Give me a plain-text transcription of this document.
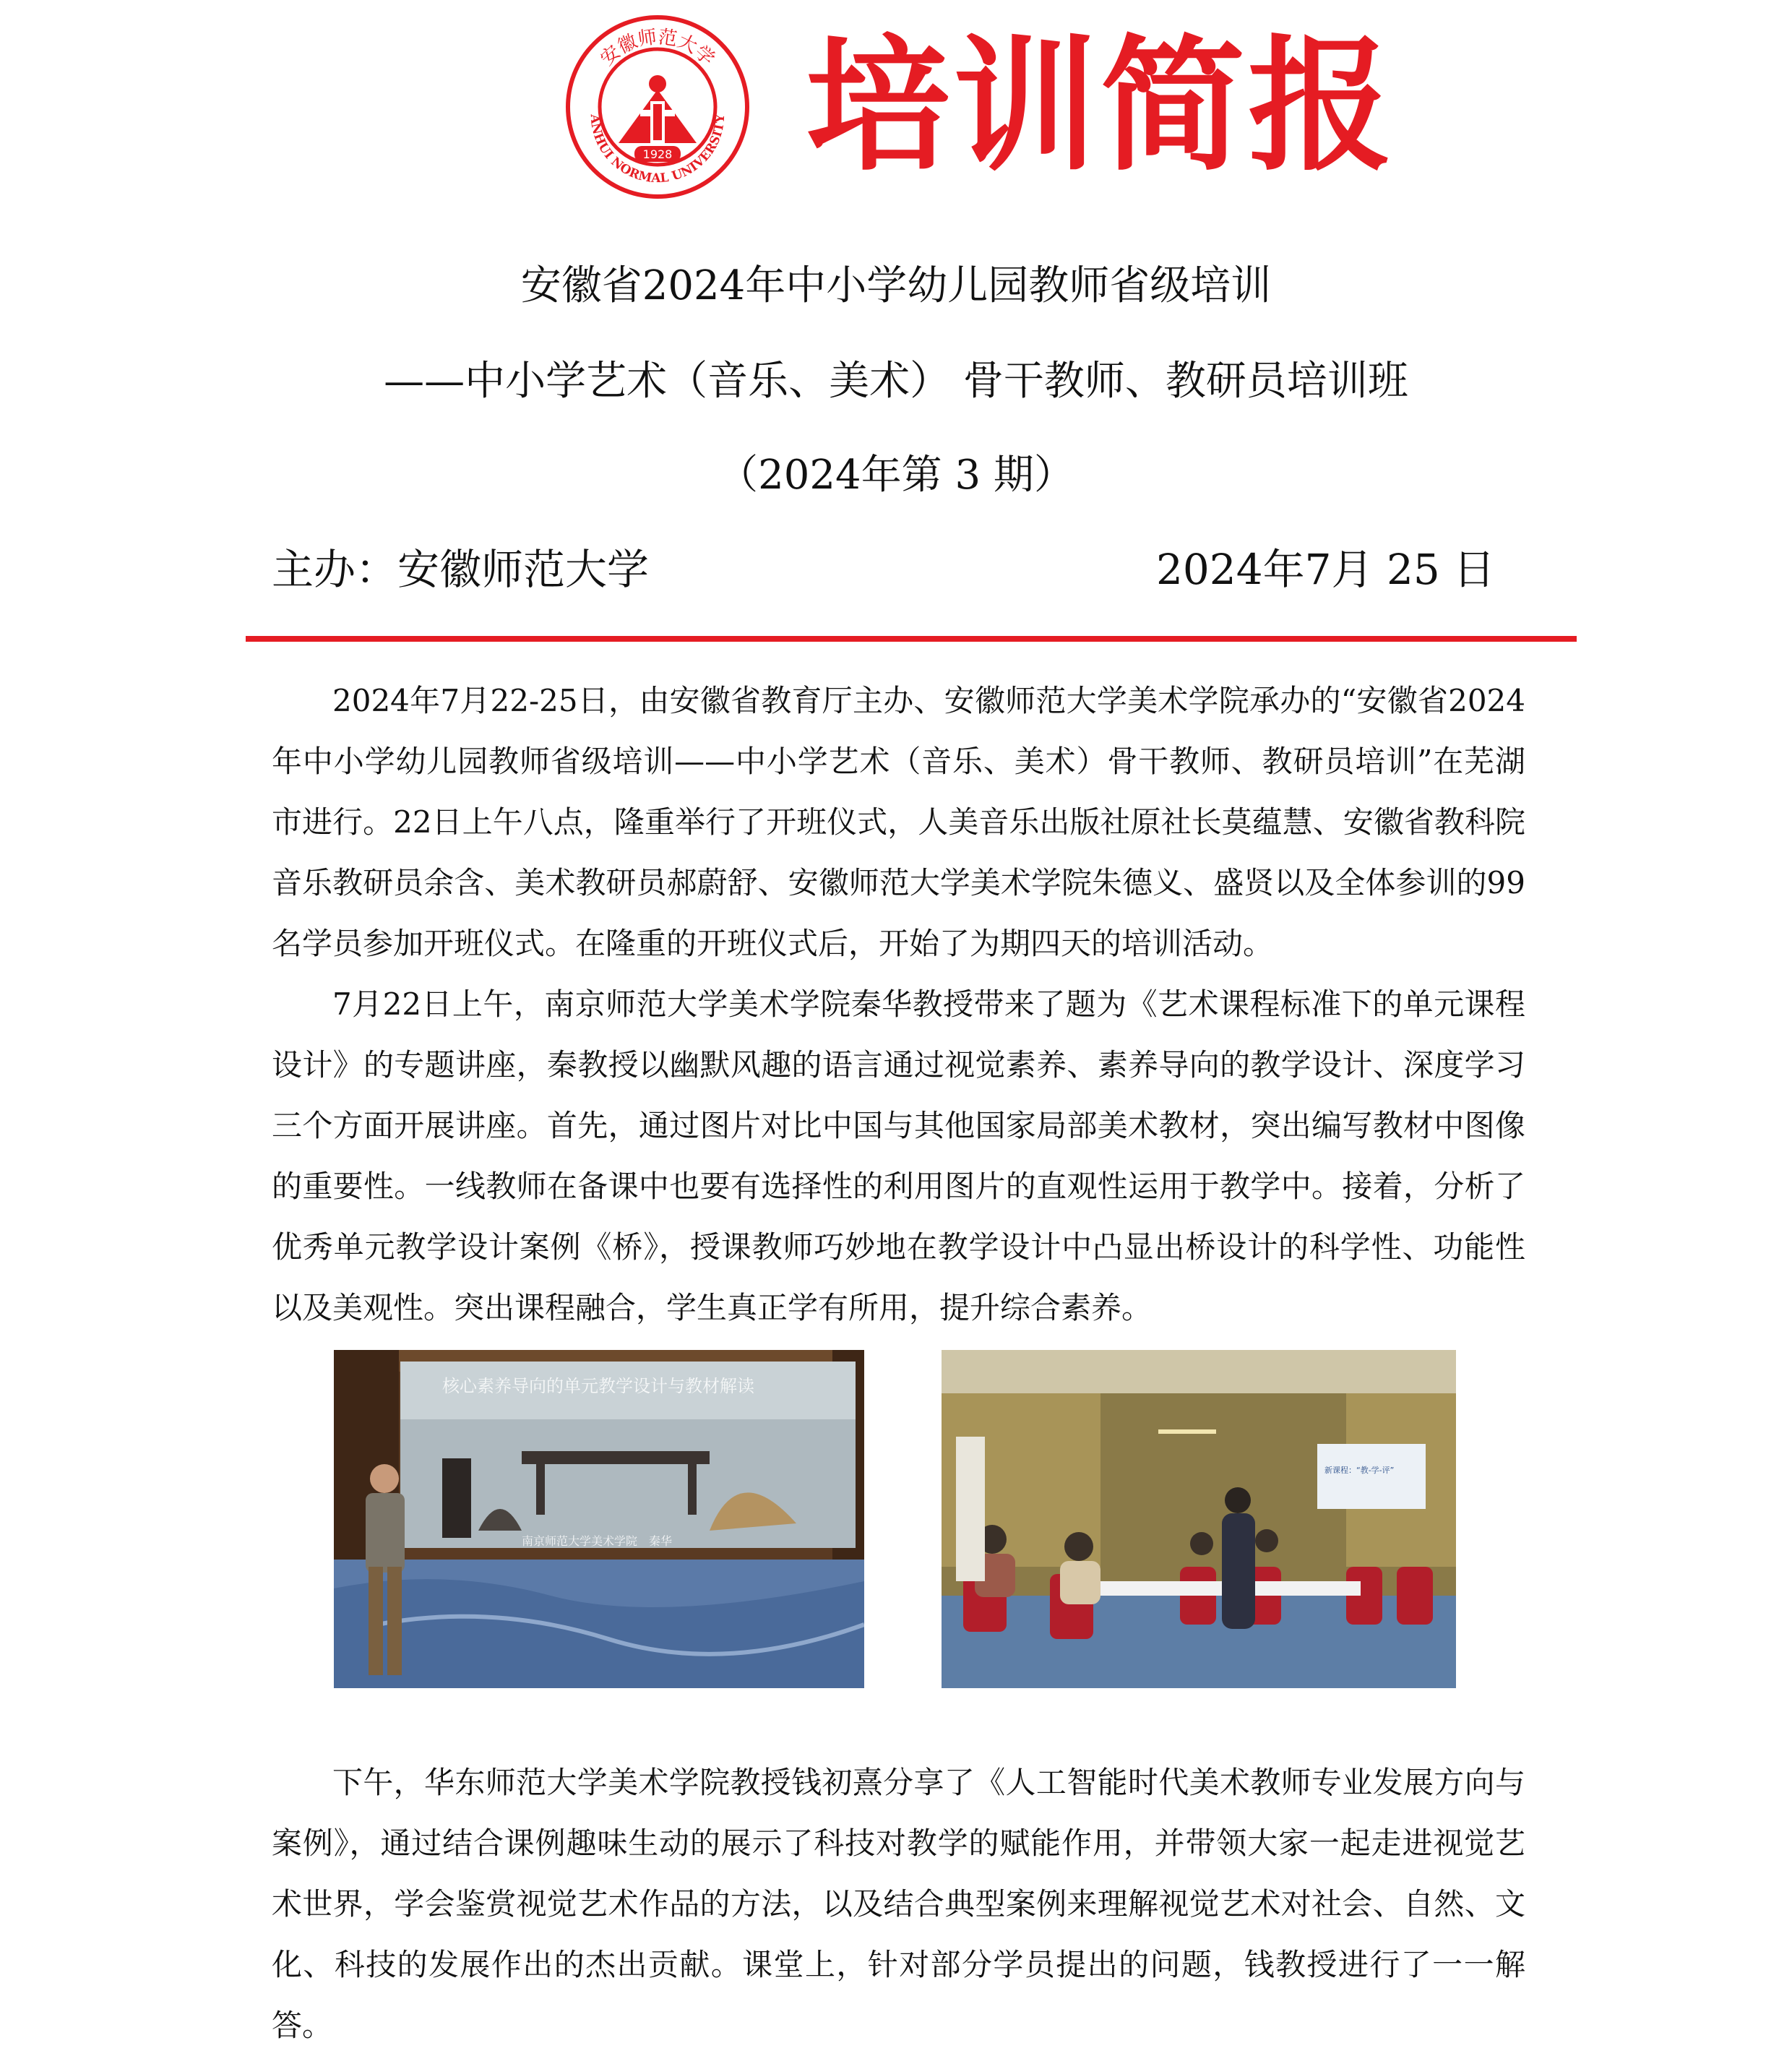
安徽师范大学
ANHUI NORMAL UNIVERSITY
1928 培训简报

安徽省2024年中小学幼儿园教师省级培训

——中小学艺术（音乐、美术） 骨干教师、教研员培训班

（2024年第 3 期）

主办：安徽师范大学	2024年7月 25 日

2024年7月22-25日，由安徽省教育厅主办、安徽师范大学美术学院承办的“安徽省2024年中小学幼儿园教师省级培训——中小学艺术（音乐、美术）骨干教师、教研员培训”在芜湖市进行。22日上午八点，隆重举行了开班仪式，人美音乐出版社原社长莫蕴慧、安徽省教科院音乐教研员余含、美术教研员郝蔚舒、安徽师范大学美术学院朱德义、盛贤以及全体参训的99名学员参加开班仪式。在隆重的开班仪式后，开始了为期四天的培训活动。

7月22日上午，南京师范大学美术学院秦华教授带来了题为《艺术课程标准下的单元课程设计》的专题讲座，秦教授以幽默风趣的语言通过视觉素养、素养导向的教学设计、深度学习三个方面开展讲座。首先，通过图片对比中国与其他国家局部美术教材，突出编写教材中图像的重要性。一线教师在备课中也要有选择性的利用图片的直观性运用于教学中。接着，分析了优秀单元教学设计案例《桥》，授课教师巧妙地在教学设计中凸显出桥设计的科学性、功能性以及美观性。突出课程融合，学生真正学有所用，提升综合素养。

核心素养导向的单元教学设计与教材解读
南京师范大学美术学院　秦华
新课程：“教-学-评”

下午，华东师范大学美术学院教授钱初熹分享了《人工智能时代美术教师专业发展方向与案例》，通过结合课例趣味生动的展示了科技对教学的赋能作用，并带领大家一起走进视觉艺术世界，学会鉴赏视觉艺术作品的方法，以及结合典型案例来理解视觉艺术对社会、自然、文化、科技的发展作出的杰出贡献。课堂上，针对部分学员提出的问题，钱教授进行了一一解答。
